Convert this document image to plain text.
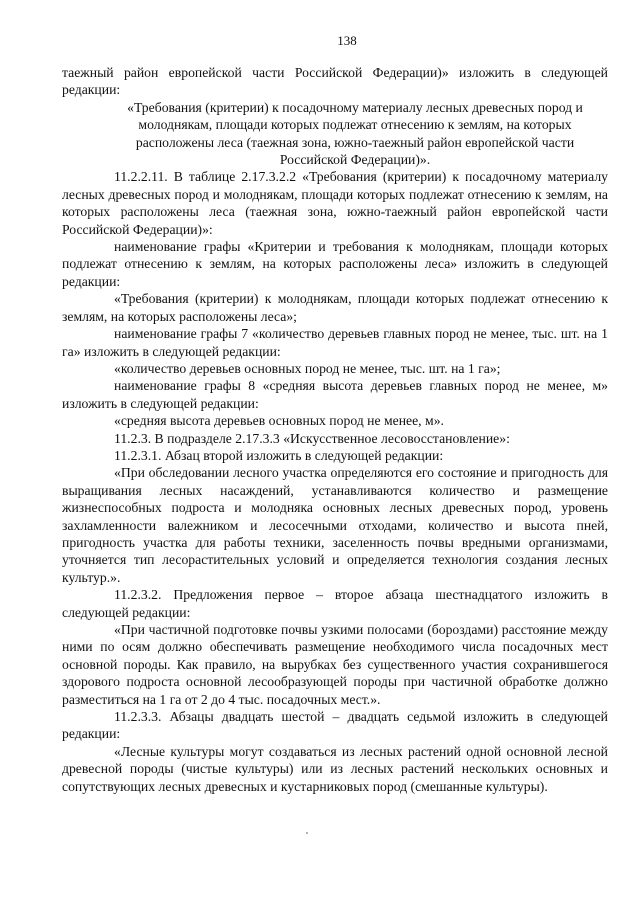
138

таежный район европейской части Российской Федерации)» изложить в следующей редакции:

«Требования (критерии) к посадочному материалу лесных древесных пород и молоднякам, площади которых подлежат отнесению к землям, на которых расположены леса (таежная зона, южно-таежный район европейской части Российской Федерации)».

11.2.2.11. В таблице 2.17.3.2.2 «Требования (критерии) к посадочному материалу лесных древесных пород и молоднякам, площади которых подлежат отнесению к землям, на которых расположены леса (таежная зона, южно-таежный район европейской части Российской Федерации)»:

наименование графы «Критерии и требования к молоднякам, площади которых подлежат отнесению к землям, на которых расположены леса» изложить в следующей редакции:

«Требования (критерии) к молоднякам, площади которых подлежат отнесению к землям, на которых расположены леса»;

наименование графы 7 «количество деревьев главных пород не менее, тыс. шт. на 1 га» изложить в следующей редакции:

«количество деревьев основных пород не менее, тыс. шт. на 1 га»;

наименование графы 8 «средняя высота деревьев главных пород не менее, м» изложить в следующей редакции:

«средняя высота деревьев основных пород не менее, м».

11.2.3. В подразделе 2.17.3.3 «Искусственное лесовосстановление»:

11.2.3.1. Абзац второй изложить в следующей редакции:

«При обследовании лесного участка определяются его состояние и пригодность для выращивания лесных насаждений, устанавливаются количество и размещение жизнеспособных подроста и молодняка основных лесных древесных пород, уровень захламленности валежником и лесосечными отходами, количество и высота пней, пригодность участка для работы техники, заселенность почвы вредными организмами, уточняется тип лесорастительных условий и определяется технология создания лесных культур.».

11.2.3.2. Предложения первое – второе абзаца шестнадцатого изложить в следующей редакции:

«При частичной подготовке почвы узкими полосами (бороздами) расстояние между ними по осям должно обеспечивать размещение необходимого числа посадочных мест основной породы. Как правило, на вырубках без существенного участия сохранившегося здорового подроста основной лесообразующей породы при частичной обработке должно разместиться на 1 га от 2 до 4 тыс. посадочных мест.».

11.2.3.3. Абзацы двадцать шестой – двадцать седьмой изложить в следующей редакции:

«Лесные культуры могут создаваться из лесных растений одной основной лесной древесной породы (чистые культуры) или из лесных растений нескольких основных и сопутствующих лесных древесных и кустарниковых пород (смешанные культуры).
